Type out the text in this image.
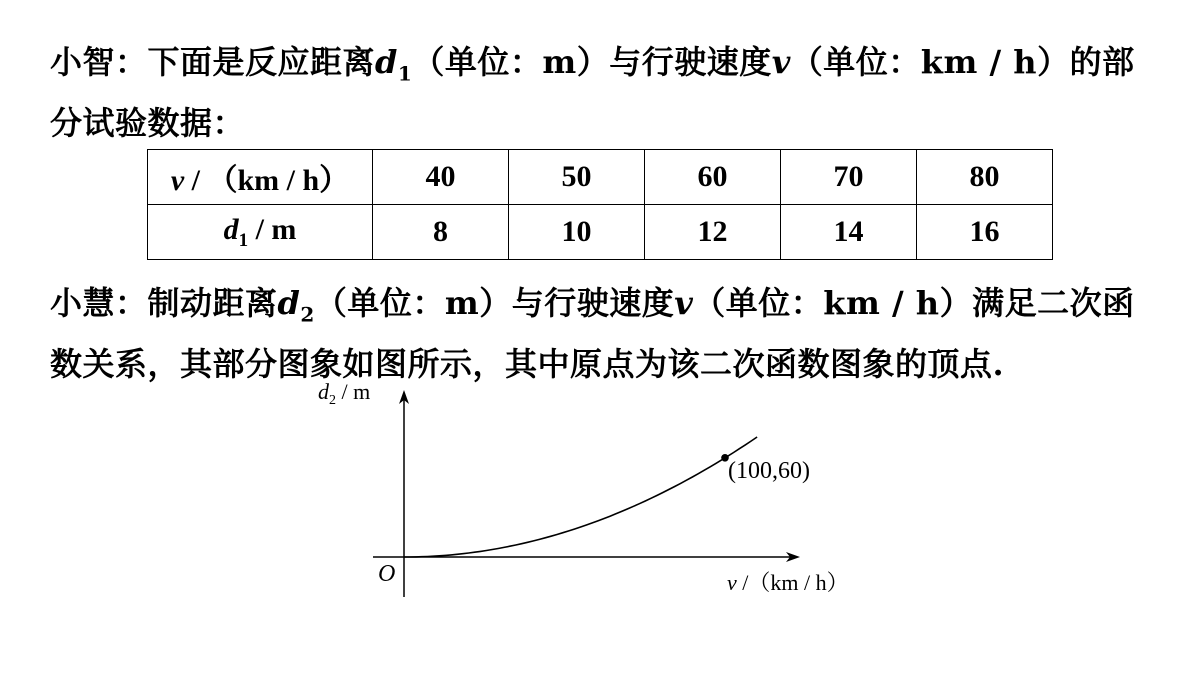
小智：下面是反应距离$d_1$（单位：m）与行驶速度v（单位：km / h）的部分试验数据：
v / （km / h）	40	50	60	70	80
$d_1$ / m	8	10	12	14	16
小慧：制动距离$d_2$（单位：m）与行驶速度v（单位：km / h）满足二次函数关系，其部分图象如图所示，其中原点为该二次函数图象的顶点.
$d_2$ / m
O	v /（km / h）
(100,60)
